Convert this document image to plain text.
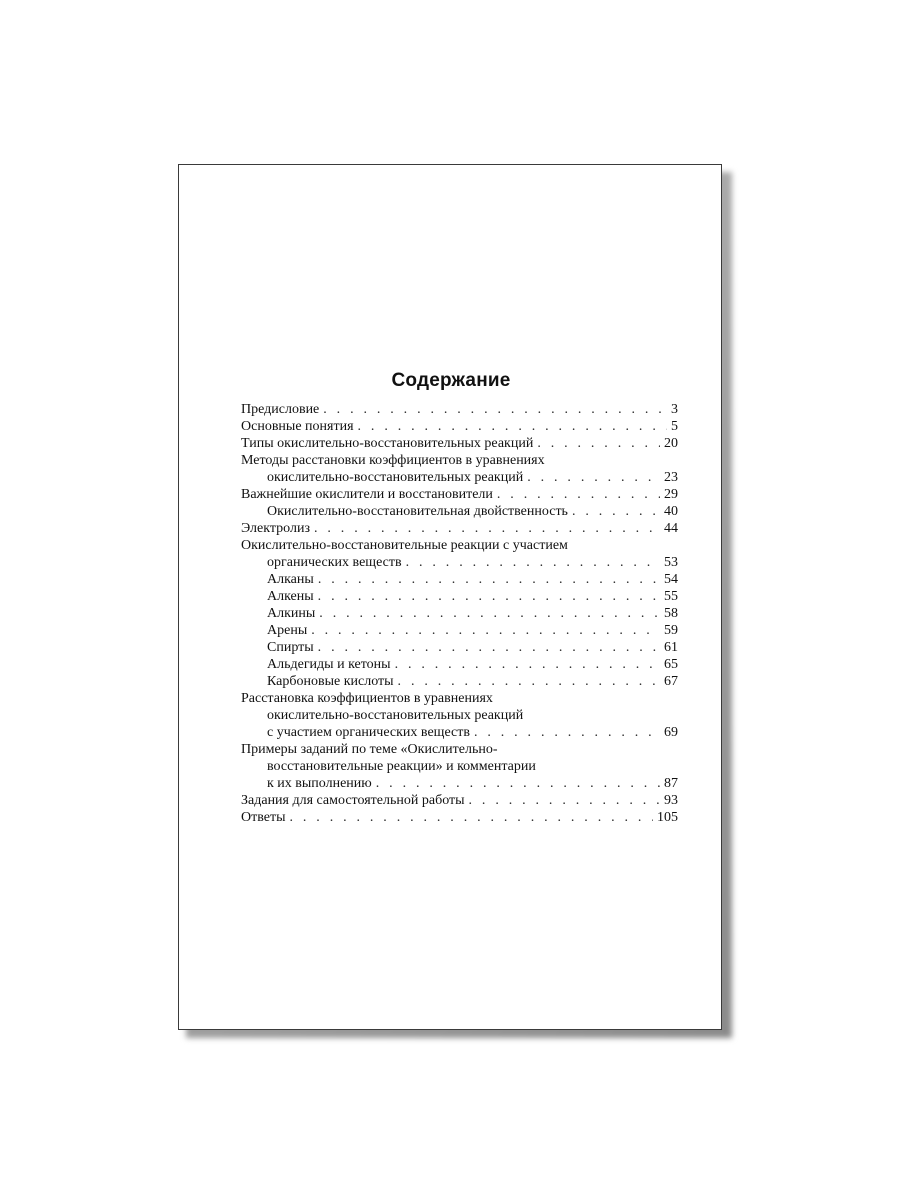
Содержание
Предисловие . . .	3
Основные понятия . . .	5
Типы окислительно-восстановительных реакций . . .	20
Методы расстановки коэффициентов в уравнениях
окислительно-восстановительных реакций . . .	23
Важнейшие окислители и восстановители . . .	29
Окислительно-восстановительная двойственность . . .	40
Электролиз . . .	44
Окислительно-восстановительные реакции с участием
органических веществ . . .	53
Алканы . . .	54
Алкены . . .	55
Алкины . . .	58
Арены . . .	59
Спирты . . .	61
Альдегиды и кетоны . . .	65
Карбоновые кислоты . . .	67
Расстановка коэффициентов в уравнениях
окислительно-восстановительных реакций
с участием органических веществ . . .	69
Примеры заданий по теме «Окислительно-
восстановительные реакции» и комментарии
к их выполнению . . .	87
Задания для самостоятельной работы . . .	93
Ответы . . .	105
